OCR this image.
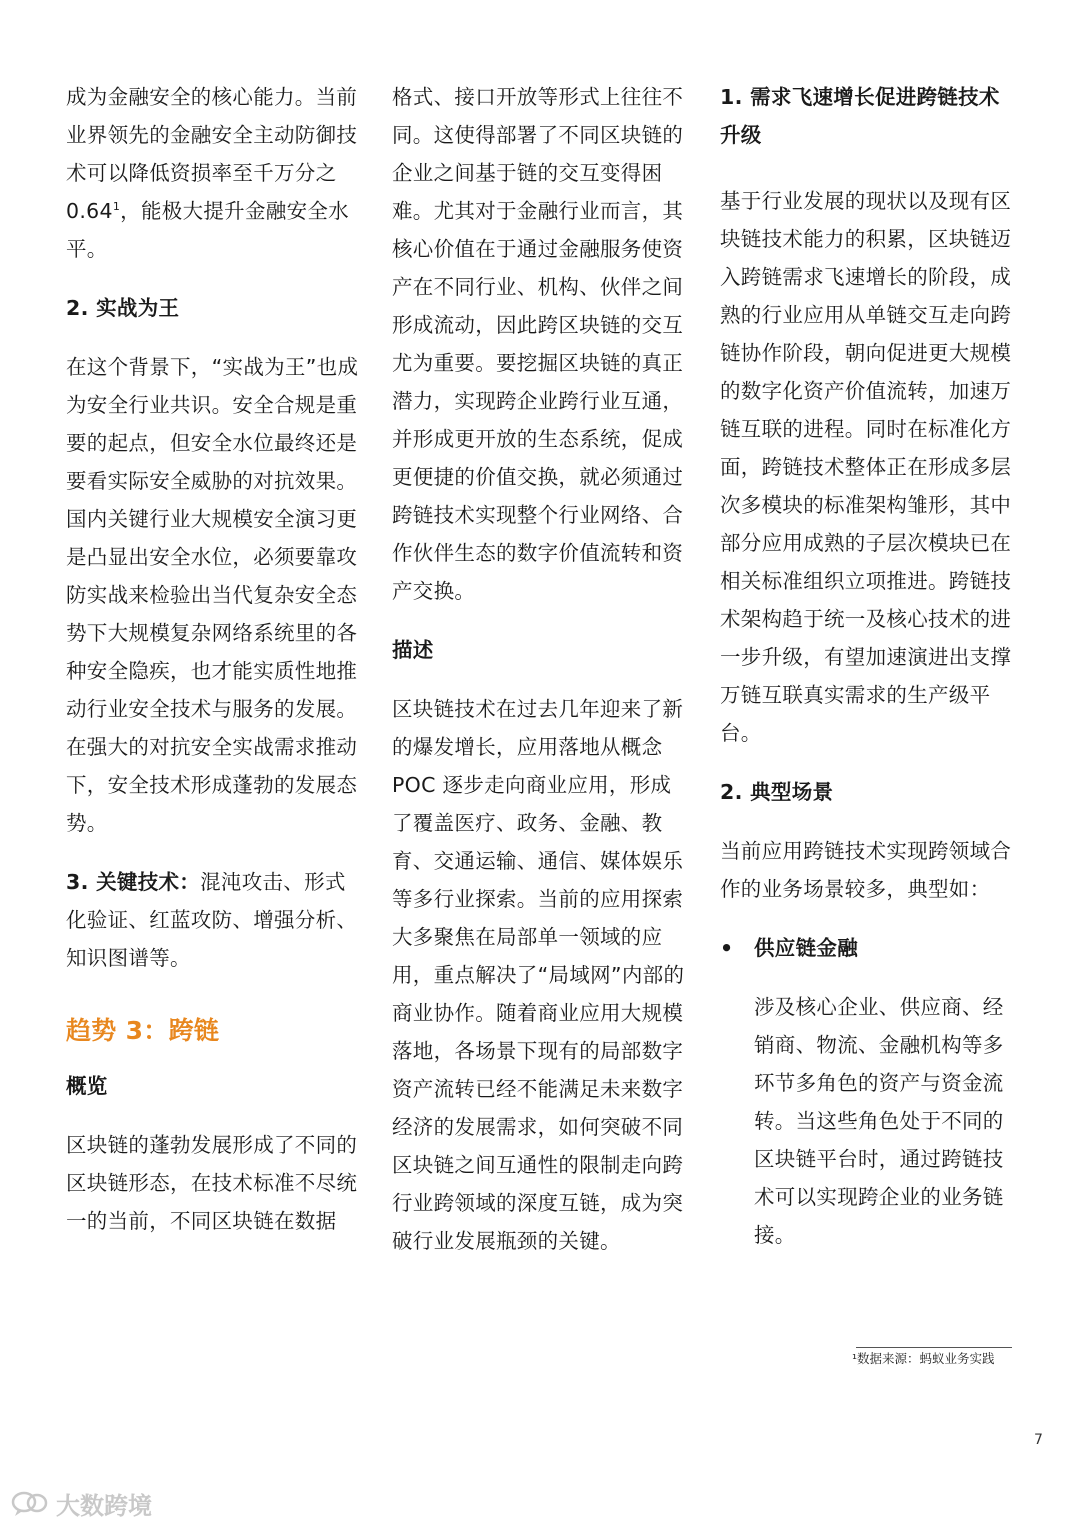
成为金融安全的核心能力。当前业界领先的金融安全主动防御技术可以降低资损率至千万分之 0.64$^1$，能极大提升金融安全水平。
2. 实战为王
在这个背景下，“实战为王”也成为安全行业共识。安全合规是重要的起点，但安全水位最终还是要看实际安全威胁的对抗效果。国内关键行业大规模安全演习更是凸显出安全水位，必须要靠攻防实战来检验出当代复杂安全态势下大规模复杂网络系统里的各种安全隐疾，也才能实质性地推动行业安全技术与服务的发展。在强大的对抗安全实战需求推动下，安全技术形成蓬勃的发展态势。
3. 关键技术：混沌攻击、形式化验证、红蓝攻防、增强分析、知识图谱等。
趋势 3：跨链
概览
区块链的蓬勃发展形成了不同的区块链形态，在技术标准不尽统一的当前，不同区块链在数据
格式、接口开放等形式上往往不同。这使得部署了不同区块链的企业之间基于链的交互变得困难。尤其对于金融行业而言，其核心价值在于通过金融服务使资产在不同行业、机构、伙伴之间形成流动，因此跨区块链的交互尤为重要。要挖掘区块链的真正潜力，实现跨企业跨行业互通，并形成更开放的生态系统，促成更便捷的价值交换，就必须通过跨链技术实现整个行业网络、合作伙伴生态的数字价值流转和资产交换。
描述
区块链技术在过去几年迎来了新的爆发增长，应用落地从概念 POC 逐步走向商业应用，形成了覆盖医疗、政务、金融、教育、交通运输、通信、媒体娱乐等多行业探索。当前的应用探索大多聚焦在局部单一领域的应用，重点解决了“局域网”内部的商业协作。随着商业应用大规模落地，各场景下现有的局部数字资产流转已经不能满足未来数字经济的发展需求，如何突破不同区块链之间互通性的限制走向跨行业跨领域的深度互链，成为突破行业发展瓶颈的关键。
1. 需求飞速增长促进跨链技术升级
基于行业发展的现状以及现有区块链技术能力的积累，区块链迈入跨链需求飞速增长的阶段，成熟的行业应用从单链交互走向跨链协作阶段，朝向促进更大规模的数字化资产价值流转，加速万链互联的进程。同时在标准化方面，跨链技术整体正在形成多层次多模块的标准架构雏形，其中部分应用成熟的子层次模块已在相关标准组织立项推进。跨链技术架构趋于统一及核心技术的进一步升级，有望加速演进出支撑万链互联真实需求的生产级平台。
2. 典型场景
当前应用跨链技术实现跨领域合作的业务场景较多，典型如：
•	供应链金融
涉及核心企业、供应商、经销商、物流、金融机构等多环节多角色的资产与资金流转。当这些角色处于不同的区块链平台时，通过跨链技术可以实现跨企业的业务链接。
¹数据来源：蚂蚁业务实践
7
大数跨境
